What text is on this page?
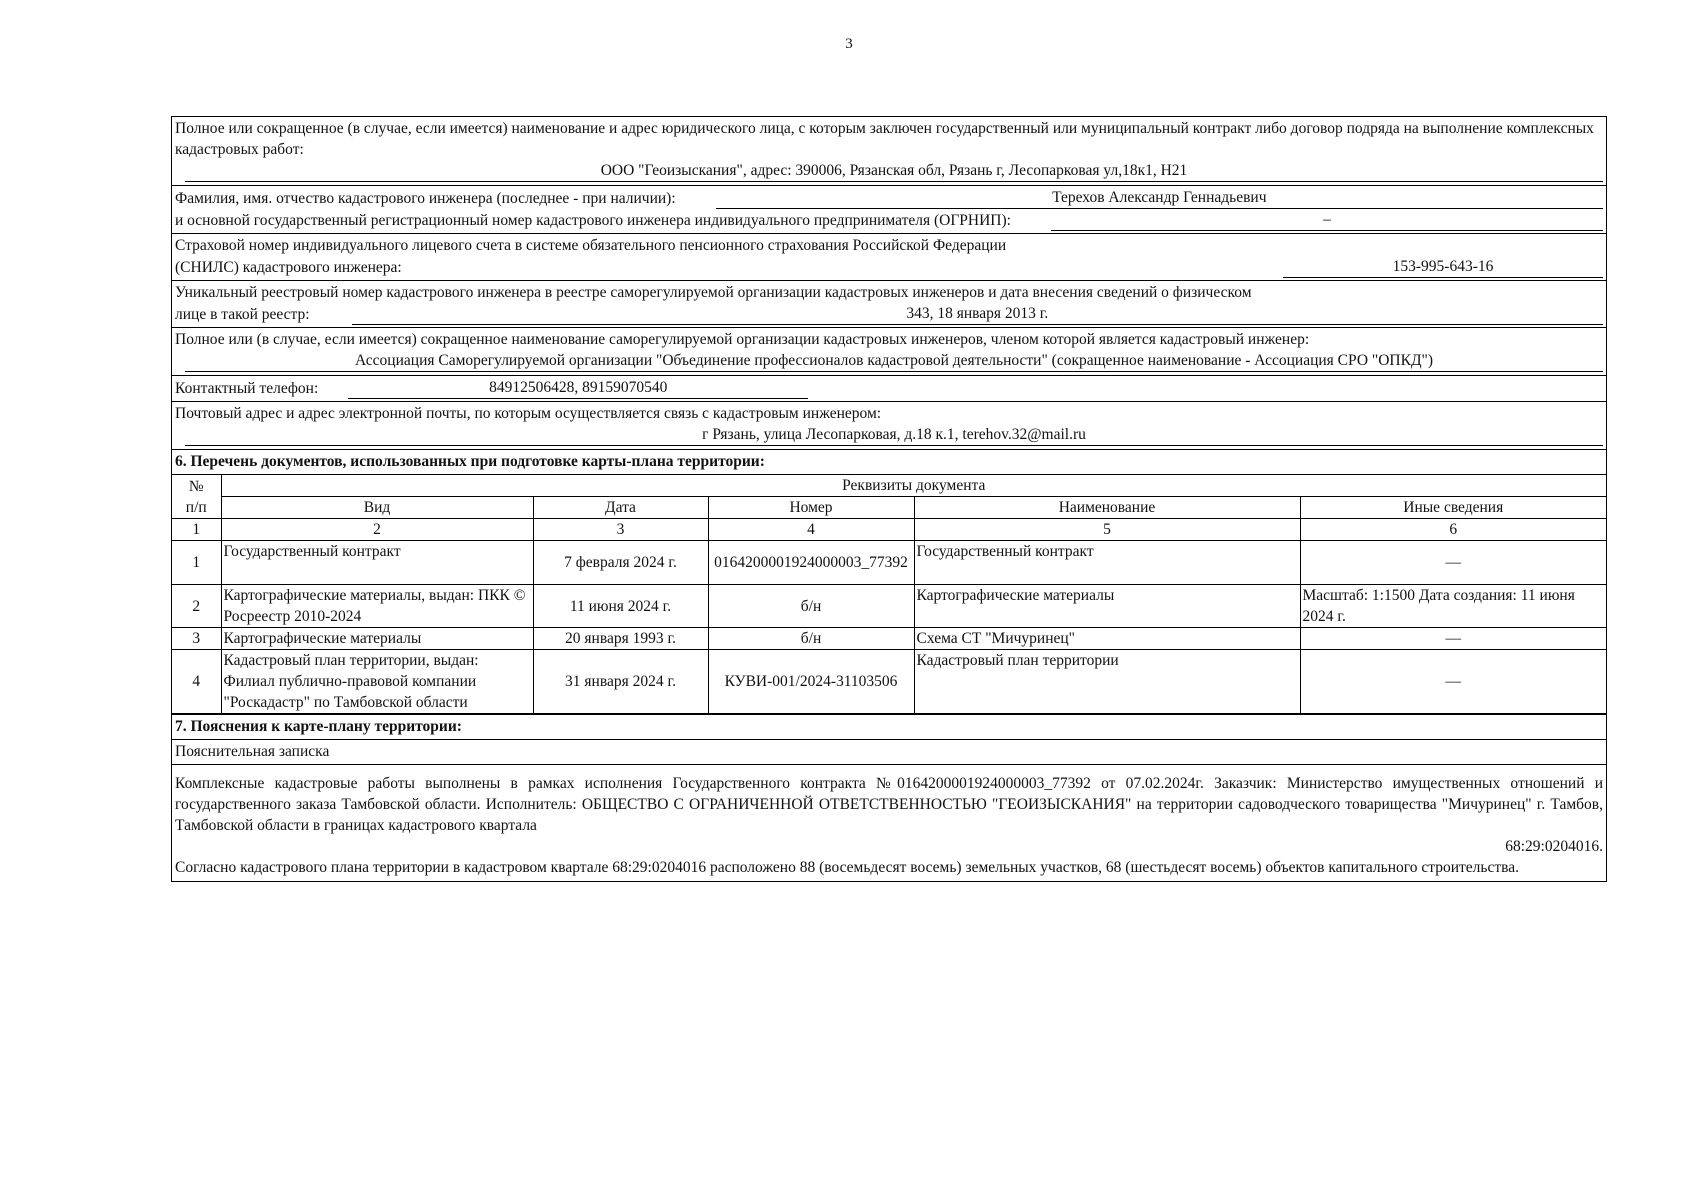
3
Полное или сокращенное (в случае, если имеется) наименование и адрес юридического лица, с которым заключен государственный или муниципальный контракт либо договор подряда на выполнение комплексных кадастровых работ:
ООО "Геоизыскания", адрес: 390006, Рязанская обл, Рязань г, Лесопарковая ул,18к1, Н21
Фамилия, имя. отчество кадастрового инженера (последнее - при наличии):	Терехов Александр Геннадьевич
и основной государственный регистрационный номер кадастрового инженера индивидуального предпринимателя (ОГРНИП):	–
Страховой номер индивидуального лицевого счета в системе обязательного пенсионного страхования Российской Федерации
(СНИЛС) кадастрового инженера:	153-995-643-16
Уникальный реестровый номер кадастрового инженера в реестре саморегулируемой организации кадастровых инженеров и дата внесения сведений о физическом
лице в такой реестр:	343, 18 января 2013 г.
Полное или (в случае, если имеется) сокращенное наименование саморегулируемой организации кадастровых инженеров, членом которой является кадастровый инженер:
Ассоциация Саморегулируемой организации "Объединение профессионалов кадастровой деятельности" (сокращенное наименование - Ассоциация СРО "ОПКД")
Контактный телефон:	84912506428, 89159070540
Почтовый адрес и адрес электронной почты, по которым осуществляется связь с кадастровым инженером:
г Рязань, улица Лесопарковая, д.18 к.1, terehov.32@mail.ru
6. Перечень документов, использованных при подготовке карты-плана территории:
№
п/п	Реквизиты документа				
	Вид	Дата	Номер	Наименование	Иные сведения
1	2	3	4	5	6
1	Государственный контракт	7 февраля 2024 г.	0164200001924000003_77392	Государственный контракт	—
2	Картографические материалы, выдан: ПКК © Росреестр 2010-2024	11 июня 2024 г.	б/н	Картографические материалы	Масштаб: 1:1500 Дата создания: 11 июня 2024 г.
3	Картографические материалы	20 января 1993 г.	б/н	Схема СТ "Мичуринец"	—
4	Кадастровый план территории, выдан: Филиал публично-правовой компании "Роскадастр" по Тамбовской области	31 января 2024 г.	КУВИ-001/2024-31103506	Кадастровый план территории	—
7. Пояснения к карте-плану территории:
Пояснительная записка
Комплексные кадастровые работы выполнены в рамках исполнения Государственного контракта №0164200001924000003_77392 от 07.02.2024г. Заказчик: Министерство имущественных отношений и государственного заказа Тамбовской области. Исполнитель: ОБЩЕСТВО С ОГРАНИЧЕННОЙ ОТВЕТСТВЕННОСТЬЮ "ГЕОИЗЫСКАНИЯ" на территории садоводческого товарищества "Мичуринец" г. Тамбов, Тамбовской области в границах кадастрового квартала
68:29:0204016.
Согласно кадастрового плана территории в кадастровом квартале 68:29:0204016 расположено 88 (восемьдесят восемь) земельных участков, 68 (шестьдесят восемь) объектов капитального строительства.
